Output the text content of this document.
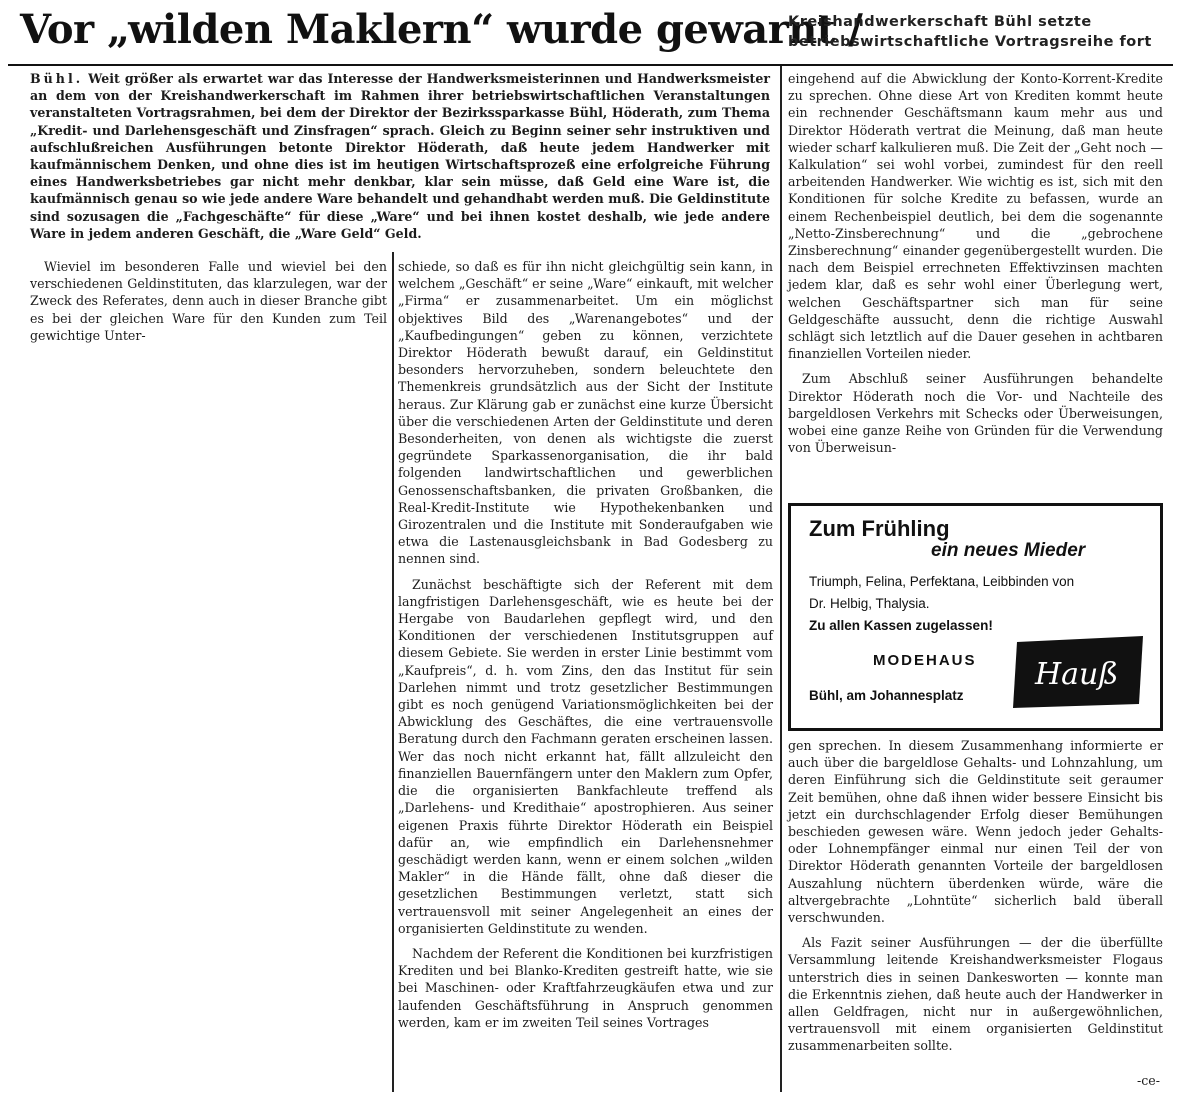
Vor „wilden Maklern“ wurde gewarnt /
Kreishandwerkerschaft Bühl setzte betriebswirtschaftliche Vortragsreihe fort

Bühl. Weit größer als erwartet war das Interesse der Handwerksmeisterinnen und Handwerksmeister an dem von der Kreishandwerkerschaft im Rahmen ihrer betriebswirtschaftlichen Veranstaltungen veranstalteten Vortragsrahmen, bei dem der Direktor der Bezirkssparkasse Bühl, Höderath, zum Thema „Kredit- und Darlehensgeschäft und Zinsfragen“ sprach. Gleich zu Beginn seiner sehr instruktiven und aufschlußreichen Ausführungen betonte Direktor Höderath, daß heute jedem Handwerker mit kaufmännischem Denken, und ohne dies ist im heutigen Wirtschaftsprozeß eine erfolgreiche Führung eines Handwerksbetriebes gar nicht mehr denkbar, klar sein müsse, daß Geld eine Ware ist, die kaufmännisch genau so wie jede andere Ware behandelt und gehandhabt werden muß. Die Geldinstitute sind sozusagen die „Fachgeschäfte“ für diese „Ware“ und bei ihnen kostet deshalb, wie jede andere Ware in jedem anderen Geschäft, die „Ware Geld“ Geld.

Wieviel im besonderen Falle und wieviel bei den verschiedenen Geldinstituten, das klarzulegen, war der Zweck des Referates, denn auch in dieser Branche gibt es bei der gleichen Ware für den Kunden zum Teil gewichtige Unter-

schiede, so daß es für ihn nicht gleichgültig sein kann, in welchem „Geschäft“ er seine „Ware“ einkauft, mit welcher „Firma“ er zusammenarbeitet. Um ein möglichst objektives Bild des „Warenangebotes“ und der „Kaufbedingungen“ geben zu können, verzichtete Direktor Höderath bewußt darauf, ein Geldinstitut besonders hervorzuheben, sondern beleuchtete den Themenkreis grundsätzlich aus der Sicht der Institute heraus. Zur Klärung gab er zunächst eine kurze Übersicht über die verschiedenen Arten der Geldinstitute und deren Besonderheiten, von denen als wichtigste die zuerst gegründete Sparkassenorganisation, die ihr bald folgenden landwirtschaftlichen und gewerblichen Genossenschaftsbanken, die privaten Großbanken, die Real-Kredit-Institute wie Hypothekenbanken und Girozentralen und die Institute mit Sonderaufgaben wie etwa die Lastenausgleichsbank in Bad Godesberg zu nennen sind.

Zunächst beschäftigte sich der Referent mit dem langfristigen Darlehensgeschäft, wie es heute bei der Hergabe von Baudarlehen gepflegt wird, und den Konditionen der verschiedenen Institutsgruppen auf diesem Gebiete. Sie werden in erster Linie bestimmt vom „Kaufpreis“, d. h. vom Zins, den das Institut für sein Darlehen nimmt und trotz gesetzlicher Bestimmungen gibt es noch genügend Variationsmöglichkeiten bei der Abwicklung des Geschäftes, die eine vertrauensvolle Beratung durch den Fachmann geraten erscheinen lassen. Wer das noch nicht erkannt hat, fällt allzuleicht den finanziellen Bauernfängern unter den Maklern zum Opfer, die die organisierten Bankfachleute treffend als „Darlehens- und Kredithaie“ apostrophieren. Aus seiner eigenen Praxis führte Direktor Höderath ein Beispiel dafür an, wie empfindlich ein Darlehensnehmer geschädigt werden kann, wenn er einem solchen „wilden Makler“ in die Hände fällt, ohne daß dieser die gesetzlichen Bestimmungen verletzt, statt sich vertrauensvoll mit seiner Angelegenheit an eines der organisierten Geldinstitute zu wenden.

Nachdem der Referent die Konditionen bei kurzfristigen Krediten und bei Blanko-Krediten gestreift hatte, wie sie bei Maschinen- oder Kraftfahrzeugkäufen etwa und zur laufenden Geschäftsführung in Anspruch genommen werden, kam er im zweiten Teil seines Vortrages

eingehend auf die Abwicklung der Konto-Korrent-Kredite zu sprechen. Ohne diese Art von Krediten kommt heute ein rechnender Geschäftsmann kaum mehr aus und Direktor Höderath vertrat die Meinung, daß man heute wieder scharf kalkulieren muß. Die Zeit der „Geht noch — Kalkulation“ sei wohl vorbei, zumindest für den reell arbeitenden Handwerker. Wie wichtig es ist, sich mit den Konditionen für solche Kredite zu befassen, wurde an einem Rechenbeispiel deutlich, bei dem die sogenannte „Netto-Zinsberechnung“ und die „gebrochene Zinsberechnung“ einander gegenübergestellt wurden. Die nach dem Beispiel errechneten Effektivzinsen machten jedem klar, daß es sehr wohl einer Überlegung wert, welchen Geschäftspartner sich man für seine Geldgeschäfte aussucht, denn die richtige Auswahl schlägt sich letztlich auf die Dauer gesehen in achtbaren finanziellen Vorteilen nieder.

Zum Abschluß seiner Ausführungen behandelte Direktor Höderath noch die Vor- und Nachteile des bargeldlosen Verkehrs mit Schecks oder Überweisungen, wobei eine ganze Reihe von Gründen für die Verwendung von Überweisun-

Zum Frühling
ein neues Mieder
Triumph, Felina, Perfektana, Leibbinden von
Dr. Helbig, Thalysia.
Zu allen Kassen zugelassen!
MODEHAUS
Bühl, am Johannesplatz
Hauß

gen sprechen. In diesem Zusammenhang informierte er auch über die bargeldlose Gehalts- und Lohnzahlung, um deren Einführung sich die Geldinstitute seit geraumer Zeit bemühen, ohne daß ihnen wider bessere Einsicht bis jetzt ein durchschlagender Erfolg dieser Bemühungen beschieden gewesen wäre. Wenn jedoch jeder Gehalts- oder Lohnempfänger einmal nur einen Teil der von Direktor Höderath genannten Vorteile der bargeldlosen Auszahlung nüchtern überdenken würde, wäre die altvergebrachte „Lohntüte“ sicherlich bald überall verschwunden.

Als Fazit seiner Ausführungen — der die überfüllte Versammlung leitende Kreishandwerksmeister Flogaus unterstrich dies in seinen Dankesworten — konnte man die Erkenntnis ziehen, daß heute auch der Handwerker in allen Geldfragen, nicht nur in außergewöhnlichen, vertrauensvoll mit einem organisierten Geldinstitut zusammenarbeiten sollte.

-ce-
